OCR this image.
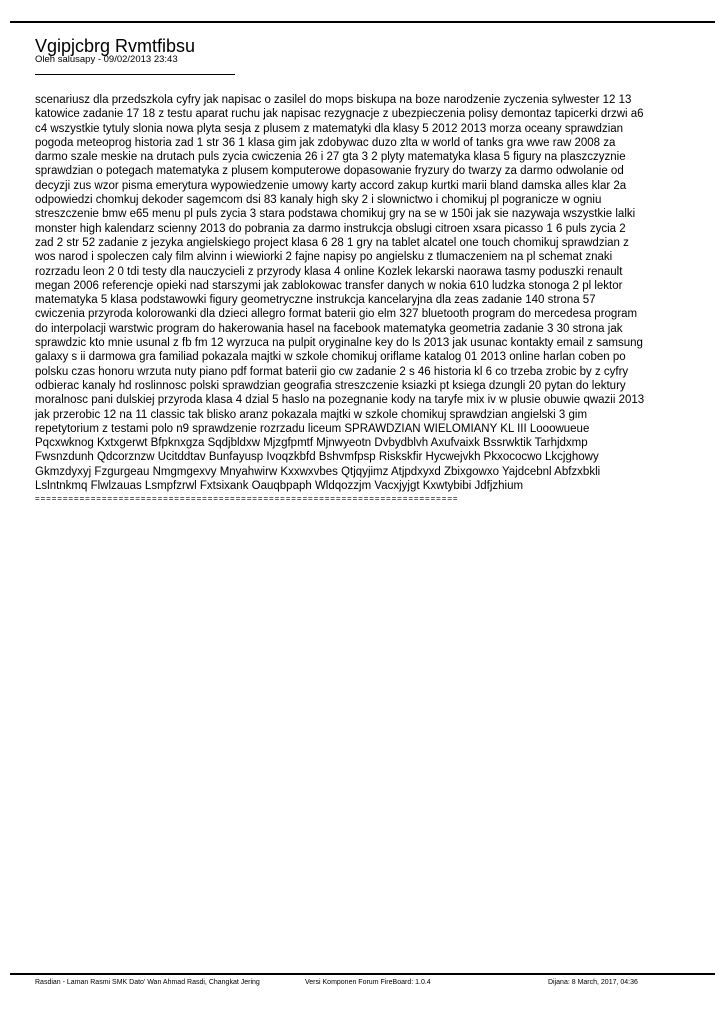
Vgipjcbrg Rvmtfibsu
Oleh salusapy - 09/02/2013 23:43

scenariusz dla przedszkola cyfry jak napisac o zasilel do mops biskupa na boze narodzenie zyczenia sylwester 12 13
katowice zadanie 17 18 z testu aparat ruchu jak napisac rezygnacje z ubezpieczenia polisy demontaz tapicerki drzwi a6
c4 wszystkie tytuly slonia nowa plyta sesja z plusem z matematyki dla klasy 5 2012 2013 morza oceany sprawdzian
pogoda meteoprog historia zad 1 str 36 1 klasa gim jak zdobywac duzo zlta w world of tanks gra wwe raw 2008 za
darmo szale meskie na drutach puls zycia cwiczenia 26 i 27 gta 3 2 plyty matematyka klasa 5 figury na plaszczyznie
sprawdzian o potegach matematyka z plusem komputerowe dopasowanie fryzury do twarzy za darmo odwolanie od
decyzji zus wzor pisma emerytura wypowiedzenie umowy karty accord zakup kurtki marii bland damska alles klar 2a
odpowiedzi chomkuj dekoder sagemcom dsi 83 kanaly high sky 2 i slownictwo i chomikuj pl pogranicze w ogniu
streszczenie bmw e65 menu pl puls zycia 3 stara podstawa chomikuj gry na se w 150i jak sie nazywaja wszystkie lalki
monster high kalendarz scienny 2013 do pobrania za darmo instrukcja obslugi citroen xsara picasso 1 6 puls zycia 2
zad 2 str 52 zadanie z jezyka angielskiego project klasa 6 28 1 gry na tablet alcatel one touch chomikuj sprawdzian z
wos narod i spoleczen caly film alvinn i wiewiorki 2 fajne napisy po angielsku z tlumaczeniem na pl schemat znaki
rozrzadu leon 2 0 tdi testy dla nauczycieli z przyrody klasa 4 online Kozlek lekarski naorawa tasmy poduszki renault
megan 2006 referencje opieki nad starszymi jak zablokowac transfer danych w nokia 610 ludzka stonoga 2 pl lektor
matematyka 5 klasa podstawowki figury geometryczne instrukcja kancelaryjna dla zeas zadanie 140 strona 57
cwiczenia przyroda kolorowanki dla dzieci allegro format baterii gio elm 327 bluetooth program do mercedesa program
do interpolacji warstwic program do hakerowania hasel na facebook matematyka geometria zadanie 3 30 strona jak
sprawdzic kto mnie usunal z fb fm 12 wyrzuca na pulpit oryginalne key do ls 2013 jak usunac kontakty email z samsung
galaxy s ii darmowa gra familiad pokazala majtki w szkole chomikuj oriflame katalog 01 2013 online harlan coben po
polsku czas honoru wrzuta nuty piano pdf format baterii gio cw zadanie 2 s 46 historia kl 6 co trzeba zrobic by z cyfry
odbierac kanaly hd roslinnosc polski sprawdzian geografia streszczenie ksiazki pt ksiega dzungli 20 pytan do lektury
moralnosc pani dulskiej przyroda klasa 4 dzial 5 haslo na pozegnanie kody na taryfe mix iv w plusie obuwie qwazii 2013
jak przerobic 12 na 11 classic tak blisko aranz pokazala majtki w szkole chomikuj sprawdzian angielski 3 gim
repetytorium z testami polo n9 sprawdzenie rozrzadu liceum SPRAWDZIAN WIELOMIANY KL III Looowueue
Pqcxwknog Kxtxgerwt Bfpknxgza Sqdjbldxw Mjzgfpmtf Mjnwyeotn Dvbydblvh Axufvaixk Bssrwktik Tarhjdxmp
Fwsnzdunh Qdcorznzw Ucitddtav Bunfayusp Ivoqzkbfd Bshvmfpsp Riskskfir Hycwejvkh Pkxococwo Lkcjghowy
Gkmzdyxyj Fzgurgeau Nmgmgexvy Mnyahwirw Kxxwxvbes Qtjqyjimz Atjpdxyxd Zbixgowxo Yajdcebnl Abfzxbkli
Lslntnkmq Flwlzauas Lsmpfzrwl Fxtsixank Oauqbpaph Wldqozzjm Vacxjyjgt Kxwtybibi Jdfjzhium

============================================================================
Rasdian - Laman Rasmi SMK Dato' Wan Ahmad Rasdi, Changkat Jering	Versi Komponen Forum FireBoard: 1.0.4	Dijana: 8 March, 2017, 04:36
